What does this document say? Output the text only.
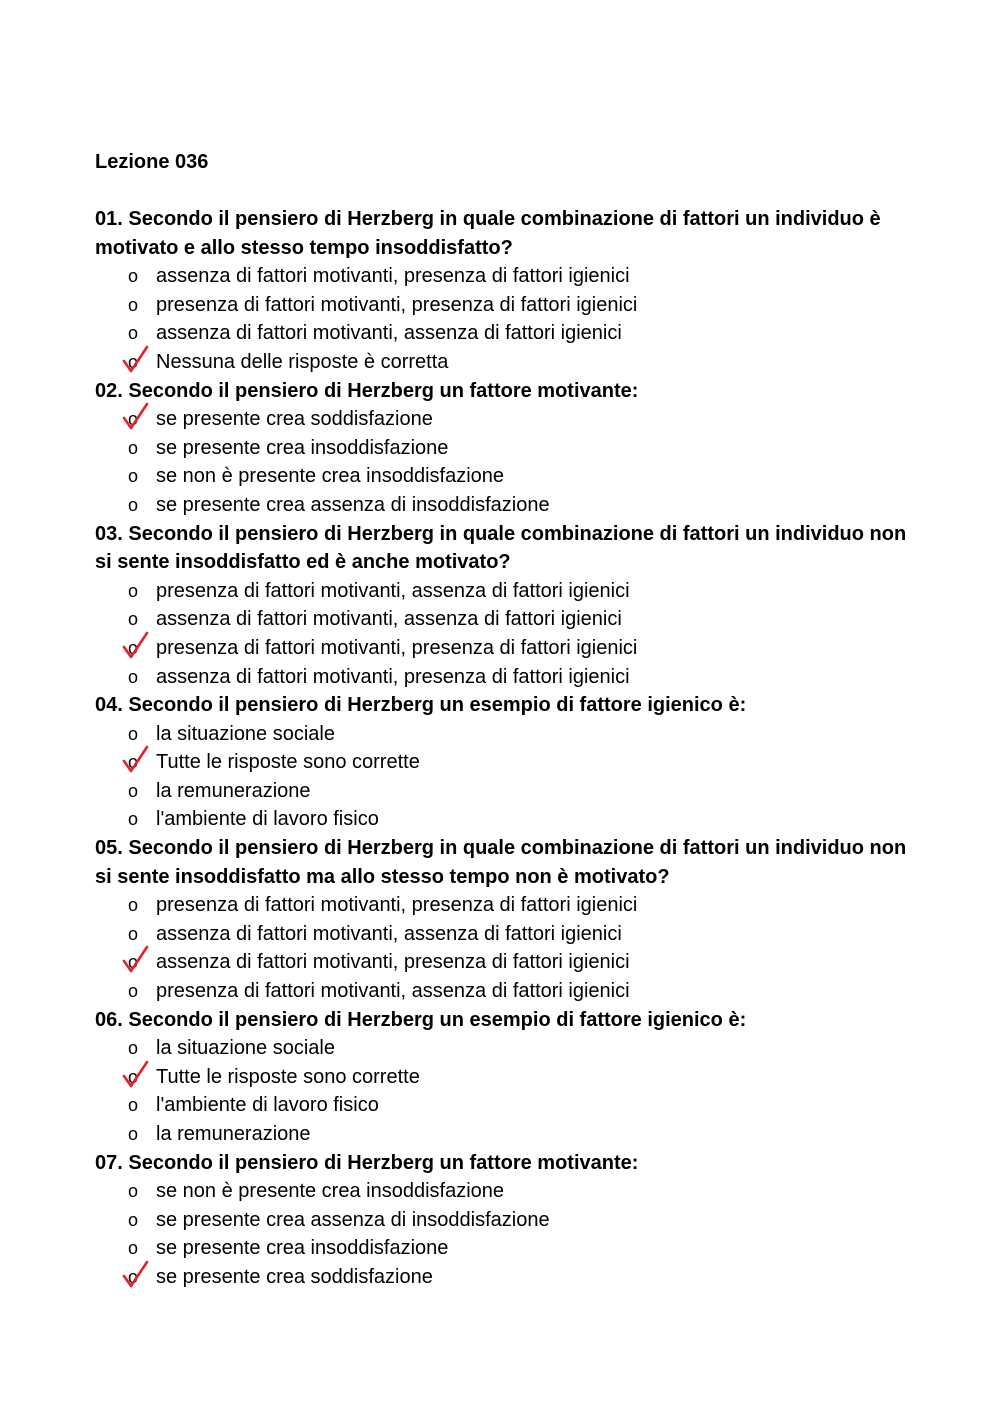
Lezione 036

01. Secondo il pensiero di Herzberg in quale combinazione di fattori un individuo è motivato e allo stesso tempo insoddisfatto?

o assenza di fattori motivanti, presenza di fattori igienici
o presenza di fattori motivanti, presenza di fattori igienici
o assenza di fattori motivanti, assenza di fattori igienici
o Nessuna delle risposte è corretta

02. Secondo il pensiero di Herzberg un fattore motivante:

o se presente crea soddisfazione
o se presente crea insoddisfazione
o se non è presente crea insoddisfazione
o se presente crea assenza di insoddisfazione

03. Secondo il pensiero di Herzberg in quale combinazione di fattori un individuo non si sente insoddisfatto ed è anche motivato?

o presenza di fattori motivanti, assenza di fattori igienici
o assenza di fattori motivanti, assenza di fattori igienici
o presenza di fattori motivanti, presenza di fattori igienici
o assenza di fattori motivanti, presenza di fattori igienici

04. Secondo il pensiero di Herzberg un esempio di fattore igienico è:

o la situazione sociale
o Tutte le risposte sono corrette
o la remunerazione
o l'ambiente di lavoro fisico

05. Secondo il pensiero di Herzberg in quale combinazione di fattori un individuo non si sente insoddisfatto ma allo stesso tempo non è motivato?

o presenza di fattori motivanti, presenza di fattori igienici
o assenza di fattori motivanti, assenza di fattori igienici
o assenza di fattori motivanti, presenza di fattori igienici
o presenza di fattori motivanti, assenza di fattori igienici

06. Secondo il pensiero di Herzberg un esempio di fattore igienico è:

o la situazione sociale
o Tutte le risposte sono corrette
o l'ambiente di lavoro fisico
o la remunerazione

07. Secondo il pensiero di Herzberg un fattore motivante:

o se non è presente crea insoddisfazione
o se presente crea assenza di insoddisfazione
o se presente crea insoddisfazione
o se presente crea soddisfazione
